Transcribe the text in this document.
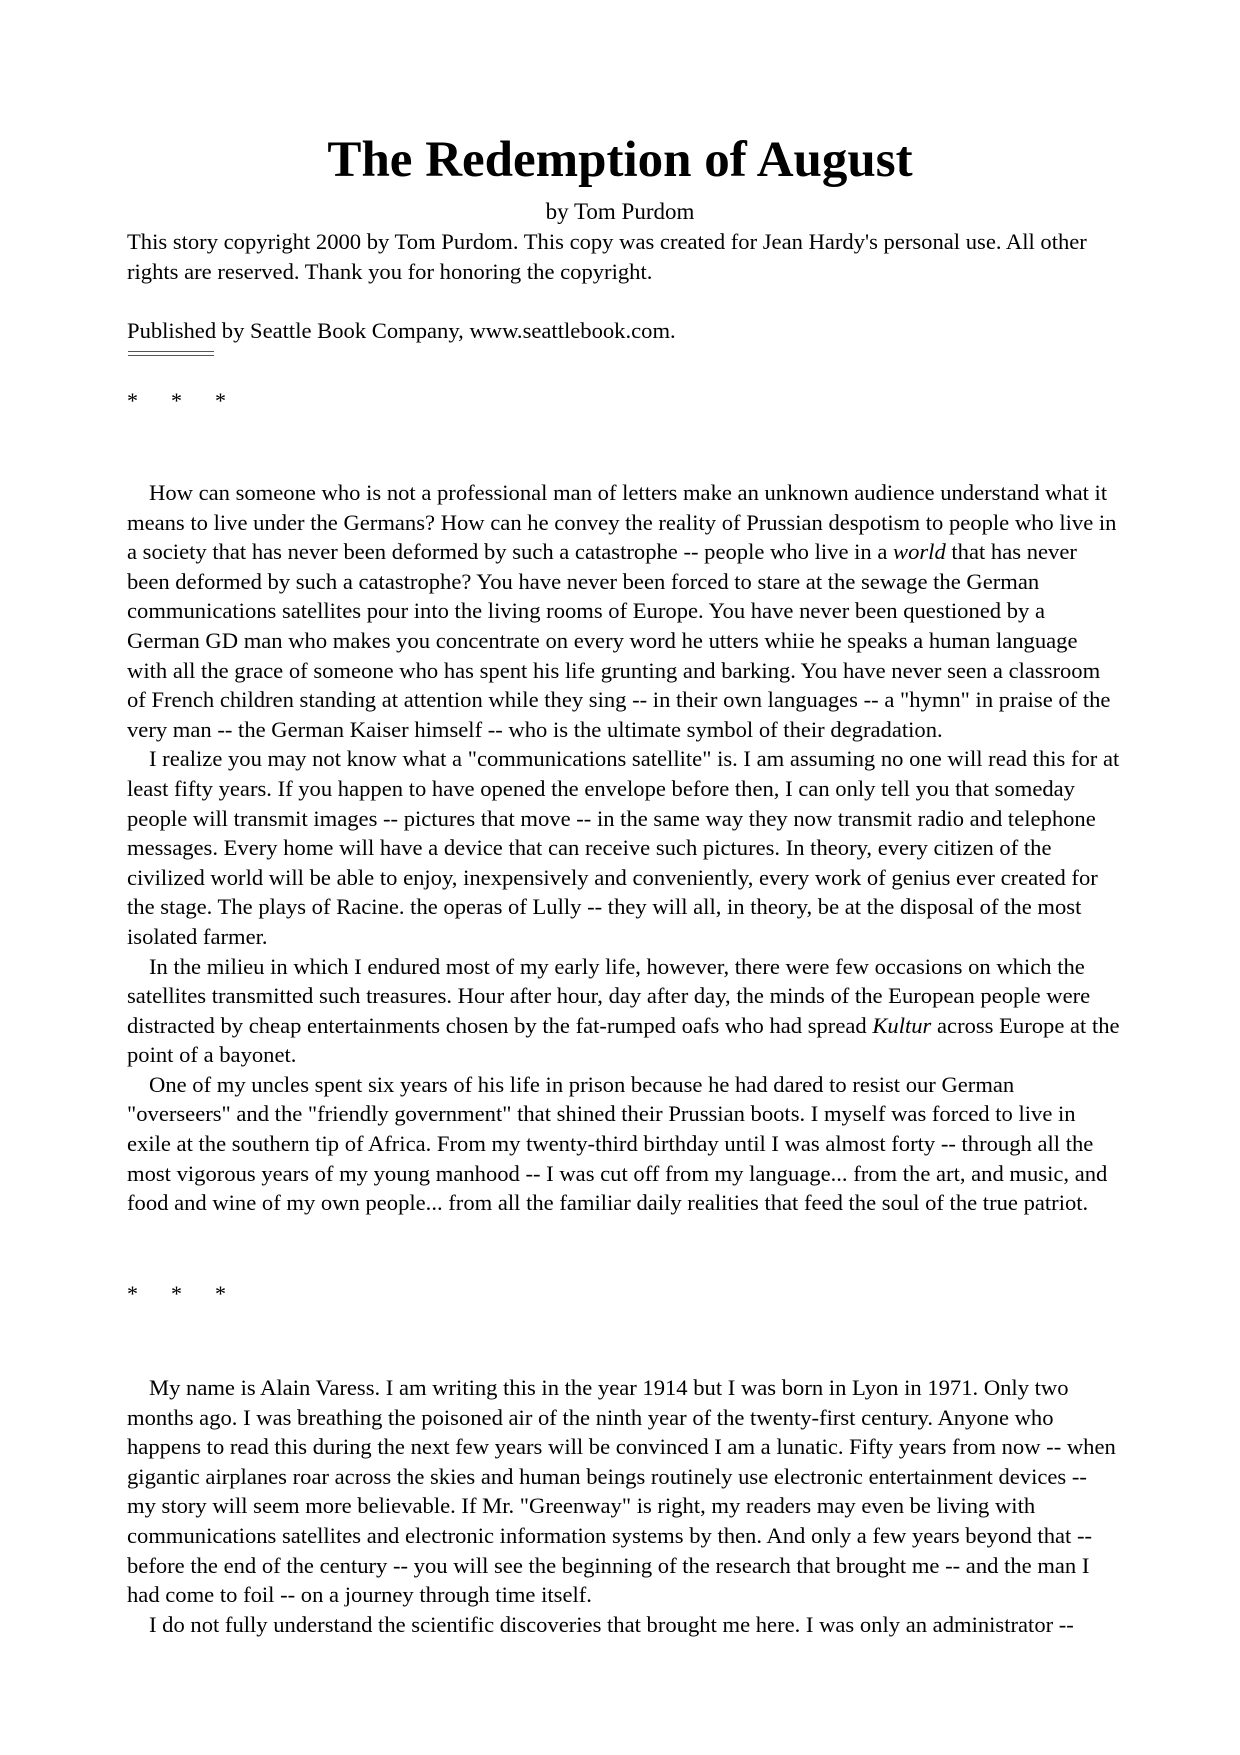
The Redemption of August
by Tom Purdom

This story copyright 2000 by Tom Purdom. This copy was created for Jean Hardy's personal use. All other rights are reserved. Thank you for honoring the copyright.

Published by Seattle Book Company, www.seattlebook.com.

*      *      *

How can someone who is not a professional man of letters make an unknown audience understand what it means to live under the Germans? How can he convey the reality of Prussian despotism to people who live in a society that has never been deformed by such a catastrophe -- people who live in a world that has never been deformed by such a catastrophe? You have never been forced to stare at the sewage the German communications satellites pour into the living rooms of Europe. You have never been questioned by a German GD man who makes you concentrate on every word he utters whiie he speaks a human language with all the grace of someone who has spent his life grunting and barking. You have never seen a classroom of French children standing at attention while they sing -- in their own languages -- a "hymn" in praise of the very man -- the German Kaiser himself -- who is the ultimate symbol of their degradation.

I realize you may not know what a "communications satellite" is. I am assuming no one will read this for at least fifty years. If you happen to have opened the envelope before then, I can only tell you that someday people will transmit images -- pictures that move -- in the same way they now transmit radio and telephone messages. Every home will have a device that can receive such pictures. In theory, every citizen of the civilized world will be able to enjoy, inexpensively and conveniently, every work of genius ever created for the stage. The plays of Racine. the operas of Lully -- they will all, in theory, be at the disposal of the most isolated farmer.

In the milieu in which I endured most of my early life, however, there were few occasions on which the satellites transmitted such treasures. Hour after hour, day after day, the minds of the European people were distracted by cheap entertainments chosen by the fat-rumped oafs who had spread Kultur across Europe at the point of a bayonet.

One of my uncles spent six years of his life in prison because he had dared to resist our German "overseers" and the "friendly government" that shined their Prussian boots. I myself was forced to live in exile at the southern tip of Africa. From my twenty-third birthday until I was almost forty -- through all the most vigorous years of my young manhood -- I was cut off from my language... from the art, and music, and food and wine of my own people... from all the familiar daily realities that feed the soul of the true patriot.

*      *      *

My name is Alain Varess. I am writing this in the year 1914 but I was born in Lyon in 1971. Only two months ago. I was breathing the poisoned air of the ninth year of the twenty-first century. Anyone who happens to read this during the next few years will be convinced I am a lunatic. Fifty years from now -- when gigantic airplanes roar across the skies and human beings routinely use electronic entertainment devices -- my story will seem more believable. If Mr. "Greenway" is right, my readers may even be living with communications satellites and electronic information systems by then. And only a few years beyond that -- before the end of the century -- you will see the beginning of the research that brought me -- and the man I had come to foil -- on a journey through time itself.

I do not fully understand the scientific discoveries that brought me here. I was only an administrator --
